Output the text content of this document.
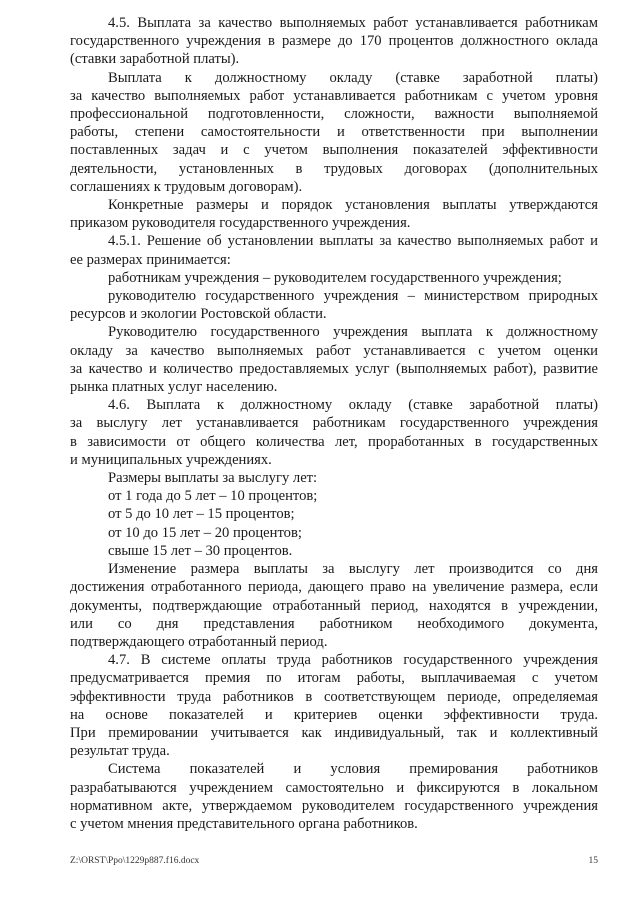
4.5. Выплата за качество выполняемых работ устанавливается работникам

государственного учреждения в размере до 170 процентов должностного оклада

(ставки заработной платы).

Выплата к должностному окладу (ставке заработной платы)

за качество выполняемых работ устанавливается работникам с учетом уровня

профессиональной подготовленности, сложности, важности выполняемой

работы, степени самостоятельности и ответственности при выполнении

поставленных задач и с учетом выполнения показателей эффективности

деятельности, установленных в трудовых договорах (дополнительных

соглашениях к трудовым договорам).

Конкретные размеры и порядок установления выплаты утверждаются

приказом руководителя государственного учреждения.

4.5.1. Решение об установлении выплаты за качество выполняемых работ и

ее размерах принимается:

работникам учреждения – руководителем государственного учреждения;

руководителю государственного учреждения – министерством природных

ресурсов и экологии Ростовской области.

Руководителю государственного учреждения выплата к должностному

окладу за качество выполняемых работ устанавливается с учетом оценки

за качество и количество предоставляемых услуг (выполняемых работ), развитие

рынка платных услуг населению.

4.6. Выплата к должностному окладу (ставке заработной платы)

за выслугу лет устанавливается работникам государственного учреждения

в зависимости от общего количества лет, проработанных в государственных

и муниципальных учреждениях.

Размеры выплаты за выслугу лет:

от 1 года до 5 лет – 10 процентов;

от 5 до 10 лет – 15 процентов;

от 10 до 15 лет – 20 процентов;

свыше 15 лет – 30 процентов.

Изменение размера выплаты за выслугу лет производится со дня

достижения отработанного периода, дающего право на увеличение размера, если

документы, подтверждающие отработанный период, находятся в учреждении,

или со дня представления работником необходимого документа,

подтверждающего отработанный период.

4.7. В системе оплаты труда работников государственного учреждения

предусматривается премия по итогам работы, выплачиваемая с учетом

эффективности труда работников в соответствующем периоде, определяемая

на основе показателей и критериев оценки эффективности труда.

При премировании учитывается как индивидуальный, так и коллективный

результат труда.

Система показателей и условия премирования работников

разрабатываются учреждением самостоятельно и фиксируются в локальном

нормативном акте, утверждаемом руководителем государственного учреждения

с учетом мнения представительного органа работников.

Z:\ORST\Ppo\1229p887.f16.docx	15
